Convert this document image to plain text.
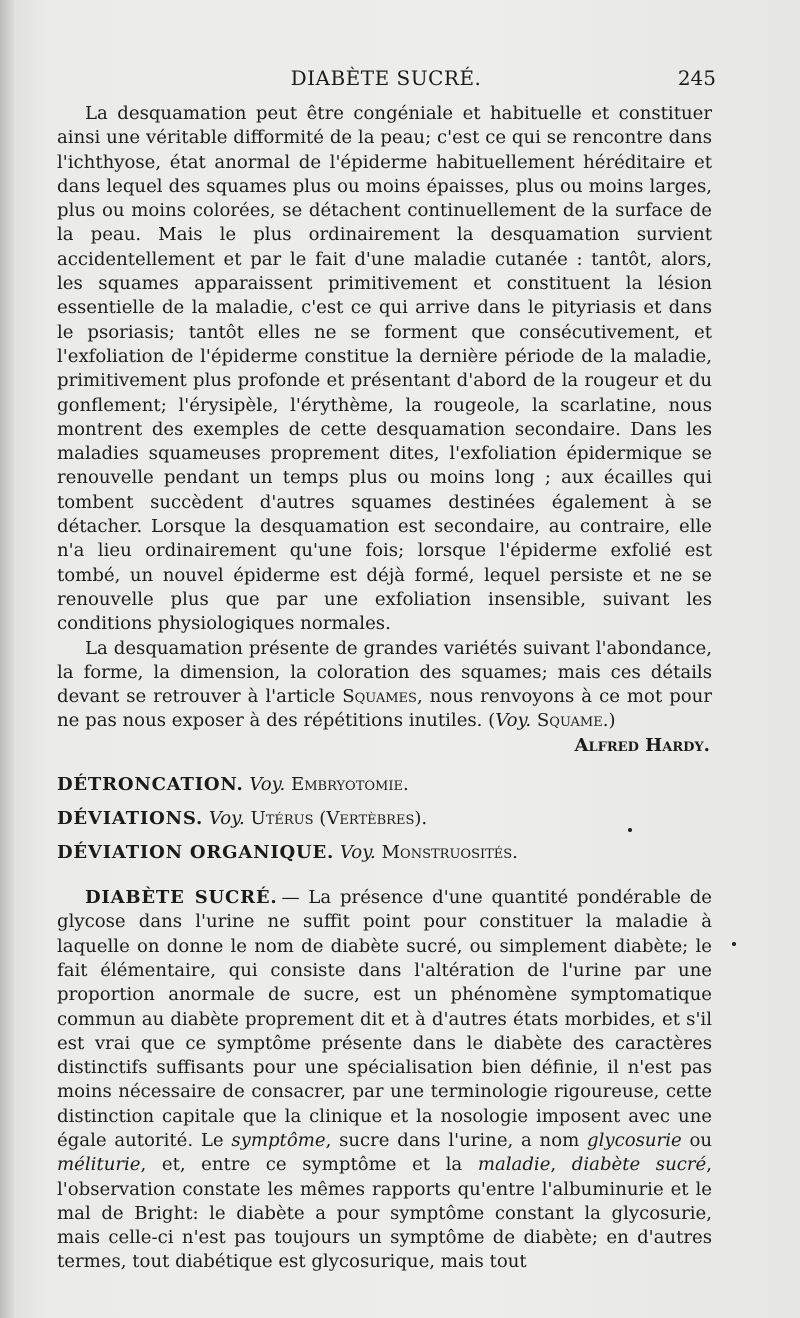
DIABÈTE SUCRÉ.	245

La desquamation peut être congéniale et habituelle et constituer ainsi une véritable difformité de la peau; c'est ce qui se rencontre dans l'ichthyose, état anormal de l'épiderme habituellement héréditaire et dans lequel des squames plus ou moins épaisses, plus ou moins larges, plus ou moins colorées, se détachent continuellement de la surface de la peau. Mais le plus ordinairement la desquamation survient accidentellement et par le fait d'une maladie cutanée : tantôt, alors, les squames apparaissent primitivement et constituent la lésion essentielle de la maladie, c'est ce qui arrive dans le pityriasis et dans le psoriasis; tantôt elles ne se forment que consécutivement, et l'exfoliation de l'épiderme constitue la dernière période de la maladie, primitivement plus profonde et présentant d'abord de la rougeur et du gonflement; l'érysipèle, l'érythème, la rougeole, la scarlatine, nous montrent des exemples de cette desquamation secondaire. Dans les maladies squameuses proprement dites, l'exfoliation épidermique se renouvelle pendant un temps plus ou moins long ; aux écailles qui tombent succèdent d'autres squames destinées également à se détacher. Lorsque la desquamation est secondaire, au contraire, elle n'a lieu ordinairement qu'une fois; lorsque l'épiderme exfolié est tombé, un nouvel épiderme est déjà formé, lequel persiste et ne se renouvelle plus que par une exfoliation insensible, suivant les conditions physiologiques normales.

La desquamation présente de grandes variétés suivant l'abondance, la forme, la dimension, la coloration des squames; mais ces détails devant se retrouver à l'article Squames, nous renvoyons à ce mot pour ne pas nous exposer à des répétitions inutiles. (Voy. Squame.)

Alfred Hardy.

DÉTRONCATION. Voy. Embryotomie.

DÉVIATIONS. Voy. Utérus (Vertèbres).

DÉVIATION ORGANIQUE. Voy. Monstruosités.

DIABÈTE SUCRÉ. — La présence d'une quantité pondérable de glycose dans l'urine ne suffit point pour constituer la maladie à laquelle on donne le nom de diabète sucré, ou simplement diabète; le fait élémentaire, qui consiste dans l'altération de l'urine par une proportion anormale de sucre, est un phénomène symptomatique commun au diabète proprement dit et à d'autres états morbides, et s'il est vrai que ce symptôme présente dans le diabète des caractères distinctifs suffisants pour une spécialisation bien définie, il n'est pas moins nécessaire de consacrer, par une terminologie rigoureuse, cette distinction capitale que la clinique et la nosologie imposent avec une égale autorité. Le symptôme, sucre dans l'urine, a nom glycosurie ou méliturie, et, entre ce symptôme et la maladie, diabète sucré, l'observation constate les mêmes rapports qu'entre l'albuminurie et le mal de Bright: le diabète a pour symptôme constant la glycosurie, mais celle-ci n'est pas toujours un symptôme de diabète; en d'autres termes, tout diabétique est glycosurique, mais tout
